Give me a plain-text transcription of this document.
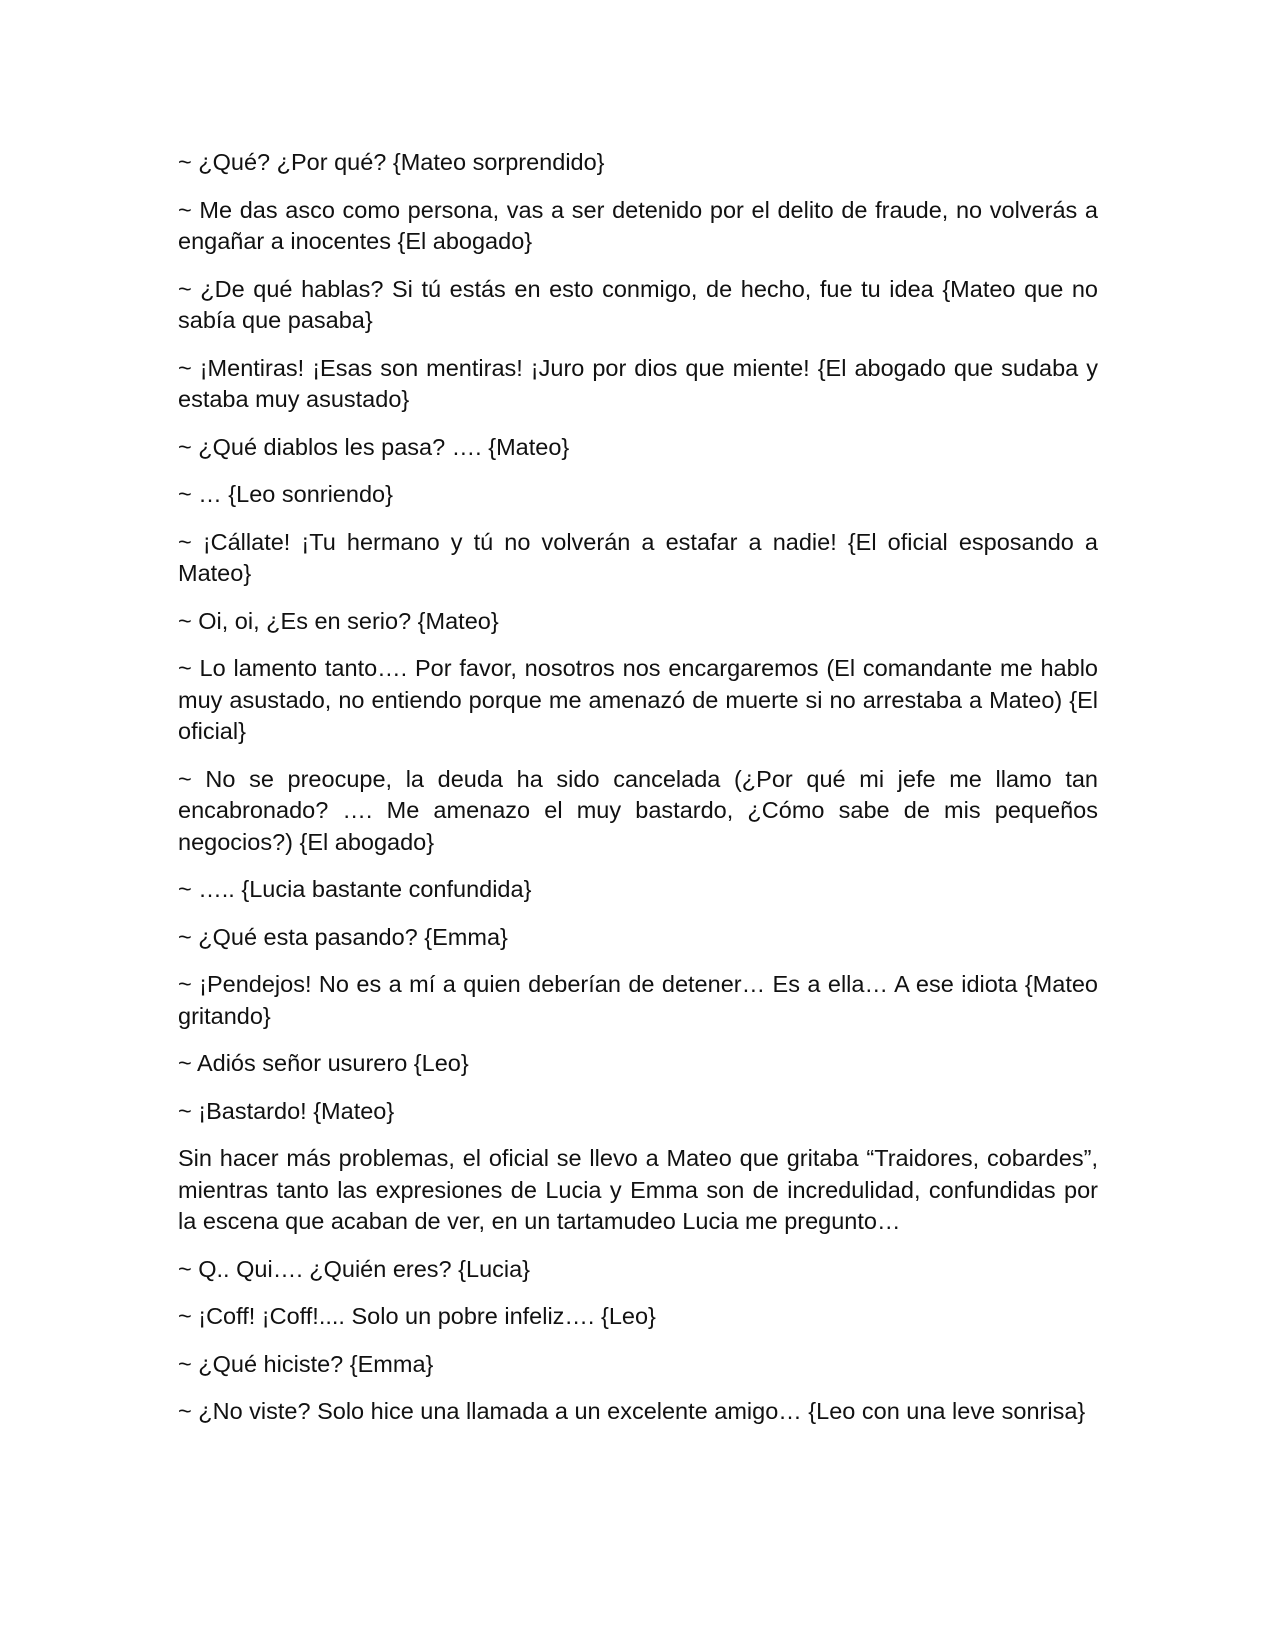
~ ¿Qué? ¿Por qué? {Mateo sorprendido}

~ Me das asco como persona, vas a ser detenido por el delito de fraude, no volverás a engañar a inocentes {El abogado}

~ ¿De qué hablas? Si tú estás en esto conmigo, de hecho, fue tu idea {Mateo que no sabía que pasaba}

~ ¡Mentiras! ¡Esas son mentiras! ¡Juro por dios que miente! {El abogado que sudaba y estaba muy asustado}

~ ¿Qué diablos les pasa? …. {Mateo}

~ … {Leo sonriendo}

~ ¡Cállate! ¡Tu hermano y tú no volverán a estafar a nadie! {El oficial esposando a Mateo}

~ Oi, oi, ¿Es en serio? {Mateo}

~ Lo lamento tanto…. Por favor, nosotros nos encargaremos (El comandante me hablo muy asustado, no entiendo porque me amenazó de muerte si no arrestaba a Mateo) {El oficial}

~ No se preocupe, la deuda ha sido cancelada (¿Por qué mi jefe me llamo tan encabronado? …. Me amenazo el muy bastardo, ¿Cómo sabe de mis pequeños negocios?) {El abogado}

~ ….. {Lucia bastante confundida}

~ ¿Qué esta pasando? {Emma}

~ ¡Pendejos! No es a mí a quien deberían de detener… Es a ella… A ese idiota {Mateo gritando}

~ Adiós señor usurero {Leo}

~ ¡Bastardo! {Mateo}

Sin hacer más problemas, el oficial se llevo a Mateo que gritaba “Traidores, cobardes”, mientras tanto las expresiones de Lucia y Emma son de incredulidad, confundidas por la escena que acaban de ver, en un tartamudeo Lucia me pregunto…

~ Q.. Qui…. ¿Quién eres? {Lucia}

~ ¡Coff! ¡Coff!.... Solo un pobre infeliz…. {Leo}

~ ¿Qué hiciste? {Emma}

~ ¿No viste? Solo hice una llamada a un excelente amigo… {Leo con una leve sonrisa}
